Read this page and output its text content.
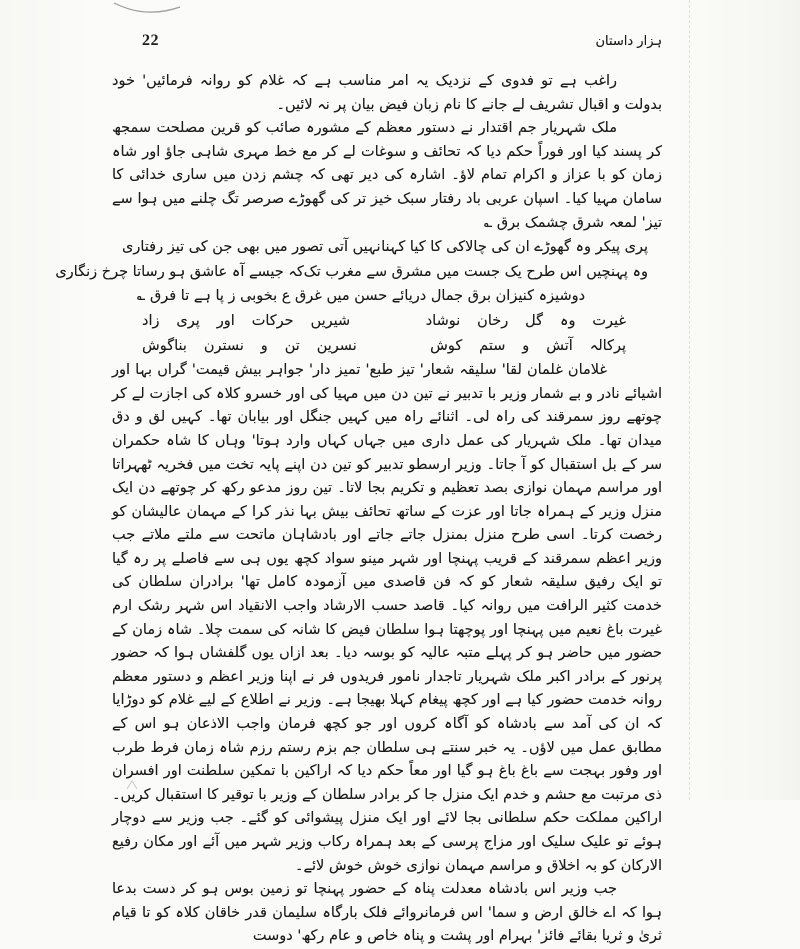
22	ہزار داستان

راغب ہے تو فدوی کے نزدیک یہ امر مناسب ہے کہ غلام کو روانہ فرمائیں' خود بدولت و اقبال تشریف لے جانے کا نام زبان فیض بیان پر نہ لائیں۔

ملک شہریار جم اقتدار نے دستور معظم کے مشورہ صائب کو قرین مصلحت سمجھ کر پسند کیا اور فوراً حکم دیا کہ تحائف و سوغات لے کر مع خط مہری شاہی جاؤ اور شاہ زمان کو با عزاز و اکرام تمام لاؤ۔ اشارہ کی دیر تھی کہ چشم زدن میں ساری خدائی کا سامان مہیا کیا۔ اسپان عربی باد رفتار سبک خیز تر کی گھوڑے صرصر تگ چلنے میں ہوا سے تیز' لمعہ شرق چشمک برق ؎

پری پیکر وہ گھوڑے ان کی چالاکی کا کیا کہنا
نہیں آتی تصور میں بھی جن کی تیز رفتاری
وہ پہنچیں اس طرح یک جست میں مشرق سے مغرب تک
کہ جیسے آہ عاشق ہو رساتا چرخ زنگاری
دوشیزہ کنیزان برق جمال دریائے حسن میں غرق ع بخوبی ز پا ہے تا فرق ؎
غیرت وہ گل رخان نوشاد
شیریں حرکات اور پری زاد
پرکالہ آتش و ستم کوش
نسرین تن و نسترن بناگوش

غلامان غلمان لقا' سلیقہ شعار' تیز طبع' تمیز دار' جواہر بیش قیمت' گراں بہا اور اشیائے نادر و بے شمار وزیر با تدبیر نے تین دن میں مہیا کی اور خسرو کلاہ کی اجازت لے کر چوتھے روز سمرقند کی راہ لی۔ اثنائے راہ میں کہیں جنگل اور بیابان تھا۔ کہیں لق و دق میدان تھا۔ ملک شہریار کی عمل داری میں جہاں کہاں وارد ہوتا' وہاں کا شاہ حکمران سر کے بل استقبال کو آ جاتا۔ وزیر ارسطو تدبیر کو تین دن اپنے پایہ تخت میں فخریہ ٹھہراتا اور مراسم مہمان نوازی بصد تعظیم و تکریم بجا لاتا۔ تین روز مدعو رکھ کر چوتھے دن ایک منزل وزیر کے ہمراہ جاتا اور عزت کے ساتھ تحائف بیش بہا نذر کرا کے مہمان عالیشان کو رخصت کرتا۔ اسی طرح منزل بمنزل جاتے جاتے اور بادشاہان ماتحت سے ملتے ملاتے جب وزیر اعظم سمرقند کے قریب پہنچا اور شہر مینو سواد کچھ یوں ہی سے فاصلے پر رہ گیا تو ایک رفیق سلیقہ شعار کو کہ فن قاصدی میں آزمودہ کامل تھا' برادران سلطان کی خدمت کثیر الرافت میں روانہ کیا۔ قاصد حسب الارشاد واجب الانقیاد اس شہر رشک ارم غیرت باغ نعیم میں پہنچا اور پوچھتا ہوا سلطان فیض کا شانہ کی سمت چلا۔ شاہ زمان کے حضور میں حاضر ہو کر پہلے متبہ عالیہ کو بوسہ دیا۔ بعد ازاں یوں گلفشاں ہوا کہ حضور پرنور کے برادر اکبر ملک شہریار تاجدار نامور فریدوں فر نے اپنا وزیر اعظم و دستور معظم روانہ خدمت حضور کیا ہے اور کچھ پیغام کہلا بھیجا ہے۔ وزیر نے اطلاع کے لیے غلام کو دوڑایا کہ ان کی آمد سے بادشاہ کو آگاہ کروں اور جو کچھ فرمان واجب الاذعان ہو اس کے مطابق عمل میں لاؤں۔ یہ خبر سنتے ہی سلطان جم بزم رستم رزم شاہ زمان فرط طرب اور وفور بہجت سے باغ باغ ہو گیا اور معاً حکم دیا کہ اراکین با تمکین سلطنت اور افسران ذی مرتبت مع حشم و خدم ایک منزل جا کر برادر سلطان کے وزیر با توقیر کا استقبال کریں۔ اراکین مملکت حکم سلطانی بجا لائے اور ایک منزل پیشوائی کو گئے۔ جب وزیر سے دوچار ہوئے تو علیک سلیک اور مزاج پرسی کے بعد ہمراہ رکاب وزیر شہر میں آئے اور مکان رفیع الارکان کو بہ اخلاق و مراسم مہمان نوازی خوش خوش لائے۔

جب وزیر اس بادشاہ معدلت پناہ کے حضور پہنچا تو زمین بوس ہو کر دست بدعا ہوا کہ اے خالق ارض و سما' اس فرمانروائے فلک بارگاہ سلیمان قدر خاقان کلاہ کو تا قیام ثریٰ و ثریا بقائے فائز' بہرام اور پشت و پناہ خاص و عام رکھ' دوست
